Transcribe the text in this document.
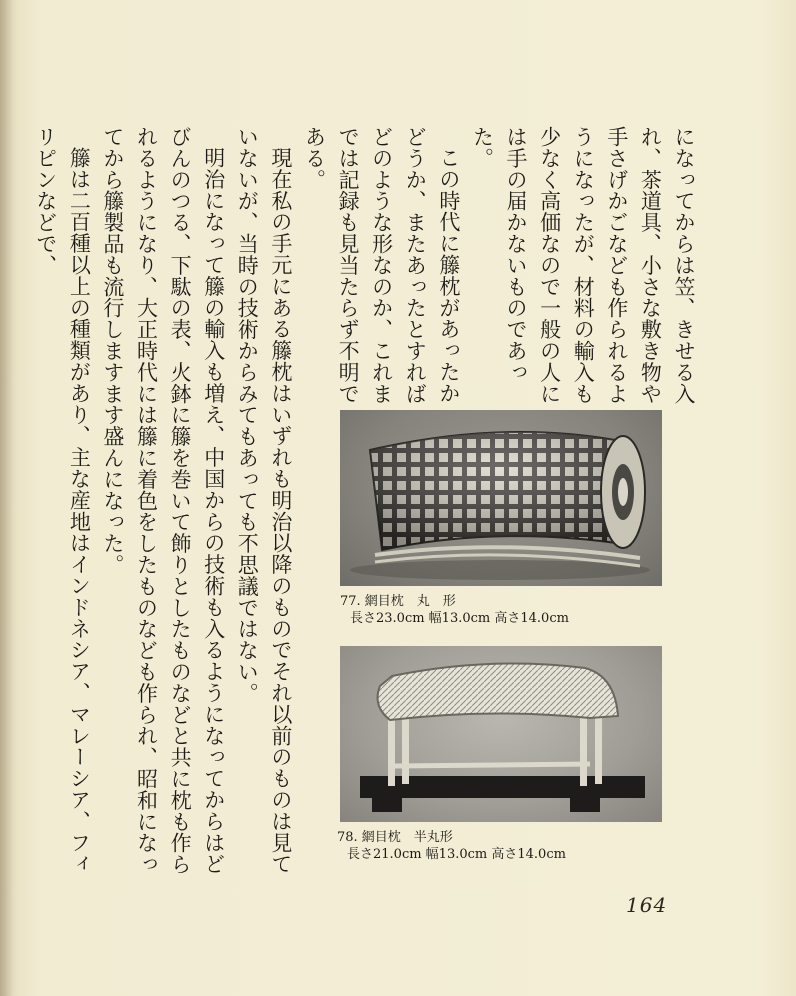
になってからは笠、きせる入れ、茶道具、小さな敷き物や手さげかごなども作られるようになったが、材料の輸入も少なく高価なので一般の人には手の届かないものであった。

この時代に籐枕があったかどうか、またあったとすればどのような形なのか、これまでは記録も見当たらず不明である。

現在私の手元にある籐枕はいずれも明治以降のものでそれ以前のものは見ていないが、当時の技術からみてもあっても不思議ではない。

明治になって籐の輸入も増え、中国からの技術も入るようになってからはどびんのつる、下駄の表、火鉢に籐を巻いて飾りとしたものなどと共に枕も作られるようになり、大正時代には籐に着色をしたものなども作られ、昭和になってから籐製品も流行しますます盛んになった。

籐は二百種以上の種類があり、主な産地はインドネシア、マレーシア、フィリピンなどで、

77. 網目枕　丸　形
長さ23.0cm 幅13.0cm 高さ14.0cm
78. 網目枕　半丸形
長さ21.0cm 幅13.0cm 高さ14.0cm
164
